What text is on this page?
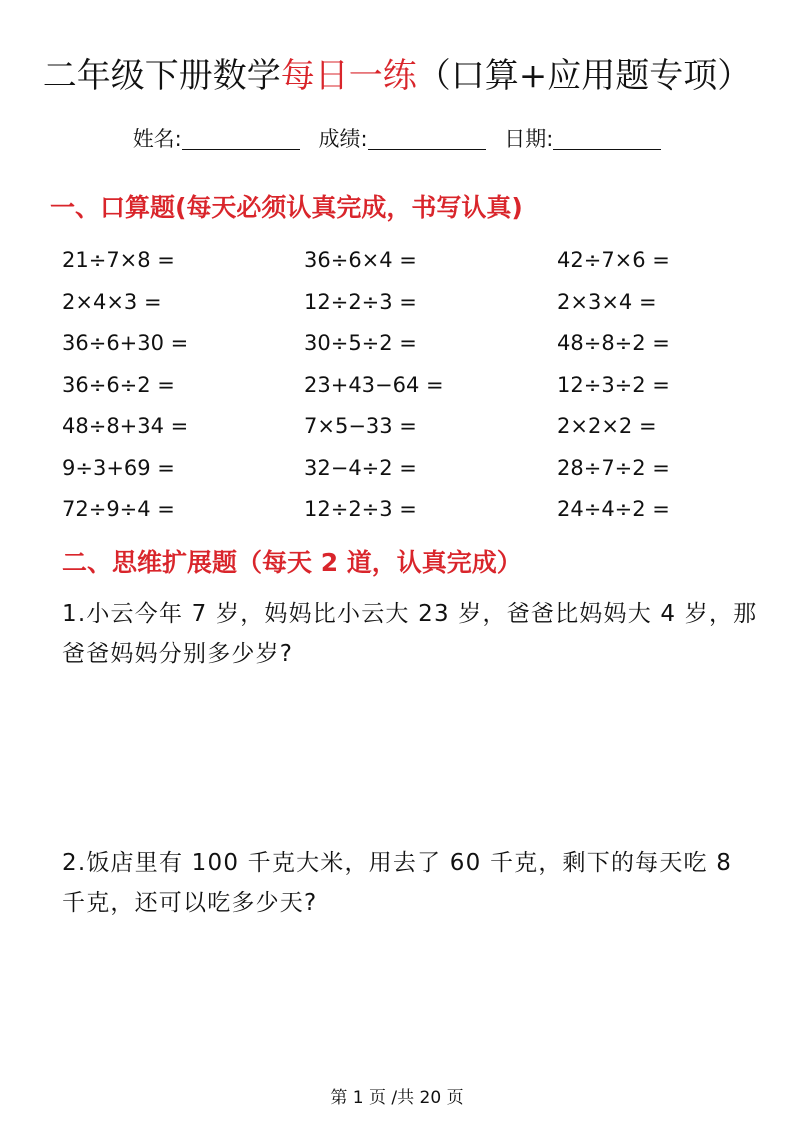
二年级下册数学每日一练（口算+应用题专项）
姓名:	成绩:	日期:
一、口算题(每天必须认真完成，书写认真)
21÷7×8 =	36÷6×4 =	42÷7×6 =
2×4×3 =	12÷2÷3 =	2×3×4 =
36÷6+30 =	30÷5÷2 =	48÷8÷2 =
36÷6÷2 =	23+43−64 =	12÷3÷2 =
48÷8+34 =	7×5−33 =	2×2×2 =
9÷3+69 =	32−4÷2 =	28÷7÷2 =
72÷9÷4 =	12÷2÷3 =	24÷4÷2 =
二、思维扩展题（每天 2 道，认真完成）
1.小云今年 7 岁，妈妈比小云大 23 岁，爸爸比妈妈大 4 岁，那爸爸妈妈分别多少岁?
2.饭店里有 100 千克大米，用去了 60 千克，剩下的每天吃 8 千克，还可以吃多少天?
第 1 页 /共 20 页
